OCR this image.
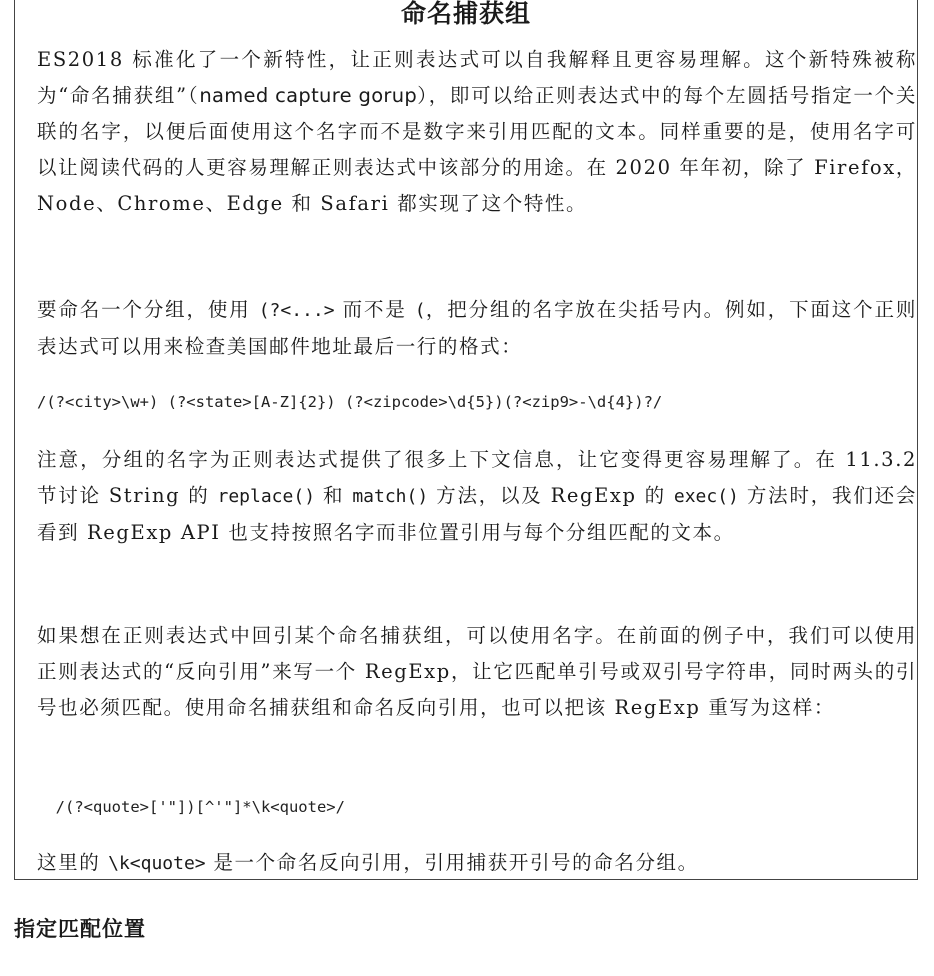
命名捕获组

ES2018 标准化了一个新特性，让正则表达式可以自我解释且更容易理解。这个新特殊被称为“命名捕获组”（named capture gorup），即可以给正则表达式中的每个左圆括号指定一个关联的名字，以便后面使用这个名字而不是数字来引用匹配的文本。同样重要的是，使用名字可以让阅读代码的人更容易理解正则表达式中该部分的用途。在 2020 年年初，除了 Firefox，Node、Chrome、Edge 和 Safari 都实现了这个特性。

要命名一个分组，使用 (?<...> 而不是 (，把分组的名字放在尖括号内。例如，下面这个正则表达式可以用来检查美国邮件地址最后一行的格式：

/(?<city>\w+) (?<state>[A-Z]{2}) (?<zipcode>\d{5})(?<zip9>-\d{4})?/

注意，分组的名字为正则表达式提供了很多上下文信息，让它变得更容易理解了。在 11.3.2 节讨论 String 的 replace() 和 match() 方法，以及 RegExp 的 exec() 方法时，我们还会看到 RegExp API 也支持按照名字而非位置引用与每个分组匹配的文本。

如果想在正则表达式中回引某个命名捕获组，可以使用名字。在前面的例子中，我们可以使用正则表达式的“反向引用”来写一个 RegExp，让它匹配单引号或双引号字符串，同时两头的引号也必须匹配。使用命名捕获组和命名反向引用，也可以把该 RegExp 重写为这样：

/(?<quote>['"])[^'"]*\k<quote>/

这里的 \k<quote> 是一个命名反向引用，引用捕获开引号的命名分组。

指定匹配位置
